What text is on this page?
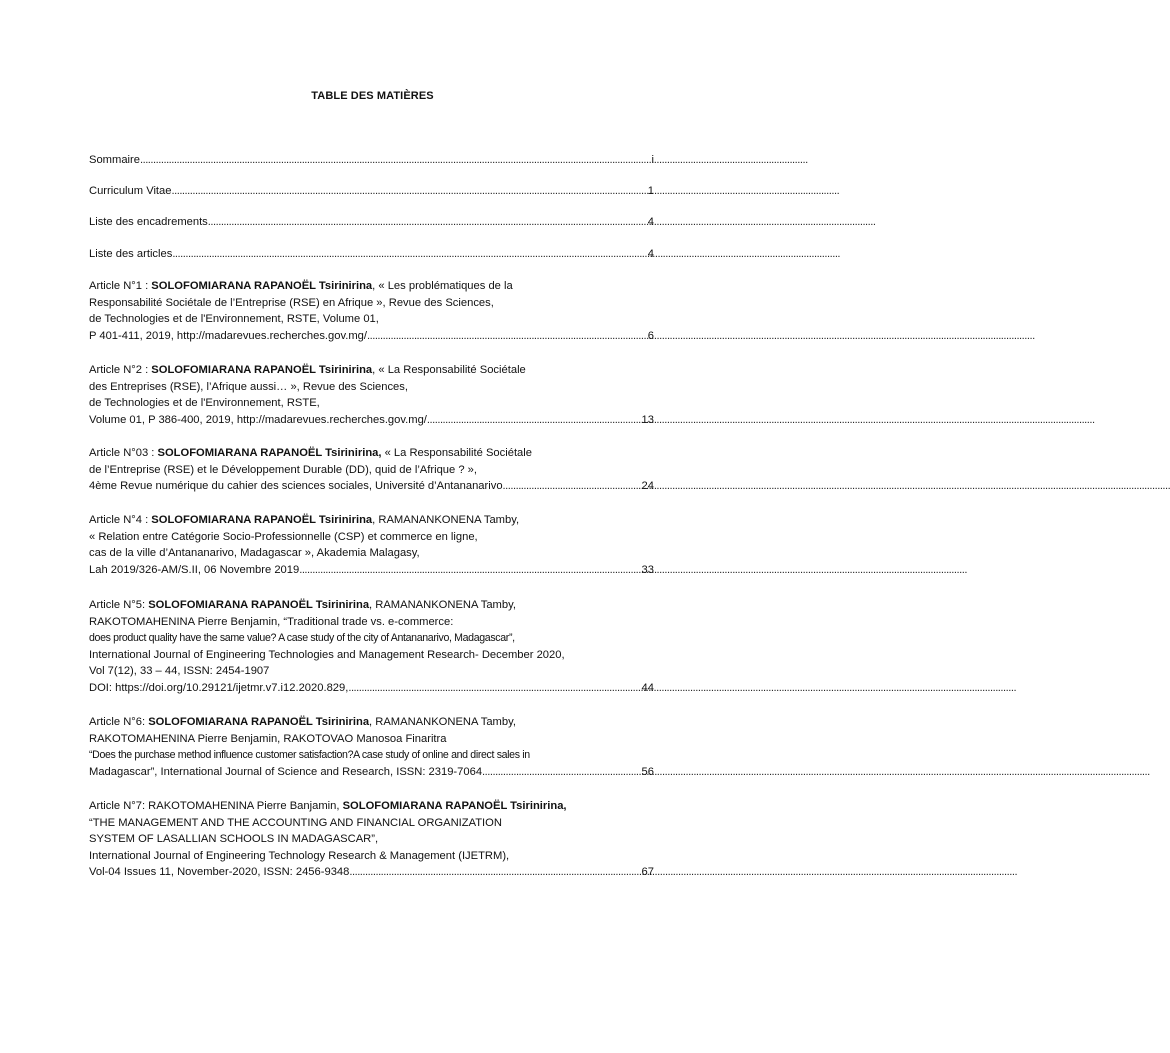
TABLE DES MATIÈRES
Sommaire .....	i
Curriculum Vitae .....	1
Liste des encadrements .....	4
Liste des articles .....	4
Article N°1 : SOLOFOMIARANA RAPANOËL Tsirinirina, « Les problématiques de la
Responsabilité Sociétale de l’Entreprise (RSE) en Afrique », Revue des Sciences,
de Technologies et de l'Environnement, RSTE, Volume 01,
P 401-411, 2019, http://madarevues.recherches.gov.mg/ .....	6
Article N°2 : SOLOFOMIARANA RAPANOËL Tsirinirina, « La Responsabilité Sociétale
des Entreprises (RSE), l’Afrique aussi… », Revue des Sciences,
de Technologies et de l'Environnement, RSTE,
Volume 01, P 386-400, 2019, http://madarevues.recherches.gov.mg/ .....	13
Article N°03 : SOLOFOMIARANA RAPANOËL Tsirinirina, « La Responsabilité Sociétale
de l’Entreprise (RSE) et le Développement Durable (DD), quid de l’Afrique ? »,
4ème Revue numérique du cahier des sciences sociales, Université d’Antananarivo .....	24
Article N°4 : SOLOFOMIARANA RAPANOËL Tsirinirina, RAMANANKONENA Tamby,
« Relation entre Catégorie Socio-Professionnelle (CSP) et commerce en ligne,
cas de la ville d’Antananarivo, Madagascar », Akademia Malagasy,
Lah 2019/326-AM/S.II, 06 Novembre 2019 .....	33
Article N°5: SOLOFOMIARANA RAPANOËL Tsirinirina, RAMANANKONENA Tamby,
RAKOTOMAHENINA Pierre Benjamin, “Traditional trade vs. e-commerce:
does product quality have the same value? A case study of the city of Antananarivo, Madagascar”,
International Journal of Engineering Technologies and Management Research- December 2020,
Vol 7(12), 33 – 44, ISSN: 2454-1907
DOI: https://doi.org/10.29121/ijetmr.v7.i12.2020.829, .....	44
Article N°6: SOLOFOMIARANA RAPANOËL Tsirinirina, RAMANANKONENA Tamby,
RAKOTOMAHENINA Pierre Benjamin, RAKOTOVAO Manosoa Finaritra
“Does the purchase method influence customer satisfaction?A case study of online and direct sales in
Madagascar”, International Journal of Science and Research, ISSN: 2319-7064 .....	56
Article N°7: RAKOTOMAHENINA Pierre Banjamin, SOLOFOMIARANA RAPANOËL Tsirinirina,
“THE MANAGEMENT AND THE ACCOUNTING AND FINANCIAL ORGANIZATION
SYSTEM OF LASALLIAN SCHOOLS IN MADAGASCAR”,
International Journal of Engineering Technology Research & Management (IJETRM),
Vol-04 Issues 11, November-2020, ISSN: 2456-9348 .....	67
